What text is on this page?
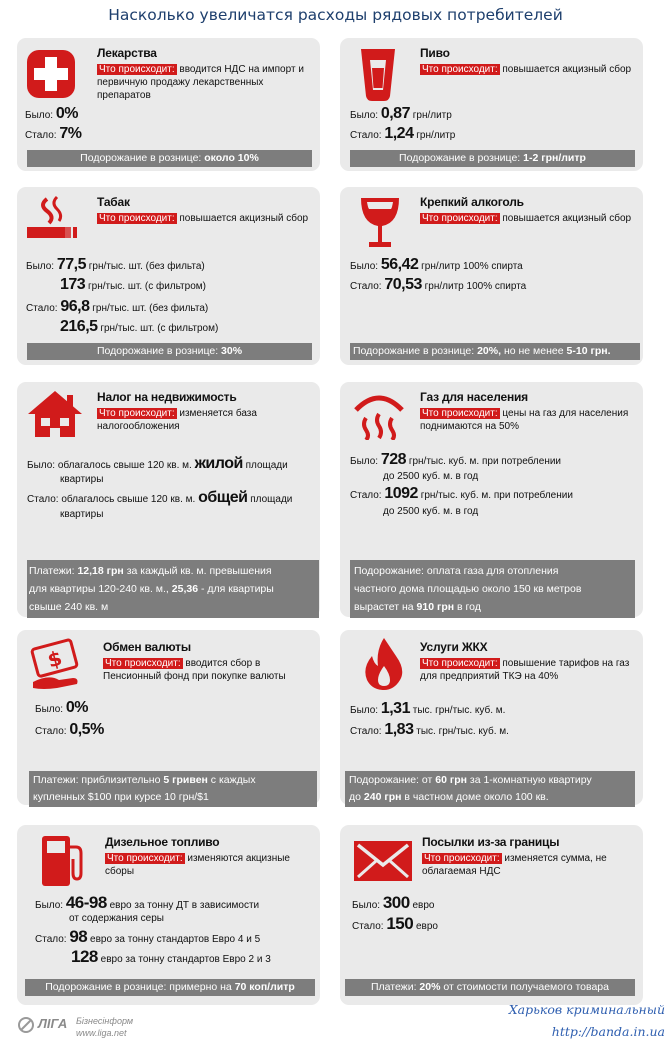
Насколько увеличатся расходы рядовых потребителей
Лекарства
Что происходит: вводится НДС на импорт и первичную продажу лекарственных препаратов
Было: 0%
Стало: 7%
Подорожание в рознице: около 10%
Пиво
Что происходит: повышается акцизный сбор
Было: 0,87 грн/литр
Стало: 1,24 грн/литр
Подорожание в рознице: 1-2 грн/литр
Табак
Что происходит: повышается акцизный сбор
Было: 77,5 грн/тыс. шт. (без фильта)
173 грн/тыс. шт. (с фильтром)
Стало: 96,8 грн/тыс. шт. (без фильта)
216,5 грн/тыс. шт. (с фильтром)
Подорожание в рознице: 30%
Крепкий алкоголь
Что происходит: повышается акцизный сбор
Было: 56,42 грн/литр 100% спирта
Стало: 70,53 грн/литр 100% спирта
Подорожание в рознице: 20%, но не менее 5-10 грн.
Налог на недвижимость
Что происходит: изменяется база налогообложения
Было: облагалось свыше 120 кв. м. жилой площади
квартиры
Стало: облагалось свыше 120 кв. м. общей площади
квартиры
Платежи: 12,18 грн за каждый кв. м. превышения
для квартиры 120-240 кв. м., 25,36 - для квартиры
свыше 240 кв. м
Газ для населения
Что происходит: цены на газ для населения поднимаются на 50%
Было: 728 грн/тыс. куб. м. при потреблении
до 2500 куб. м. в год
Стало: 1092 грн/тыс. куб. м. при потреблении
до 2500 куб. м. в год
Подорожание: оплата газа для отопления
частного дома площадью около 150 кв метров
вырастет на 910 грн в год
$	Обмен валюты
Что происходит: вводится сбор в Пенсионный фонд при покупке валюты
Было: 0%
Стало: 0,5%
Платежи: приблизительно 5 гривен с каждых
купленных $100 при курсе 10 грн/$1
Услуги ЖКХ
Что происходит: повышение тарифов на газ для предприятий ТКЭ на 40%
Было: 1,31 тыс. грн/тыс. куб. м.
Стало: 1,83 тыс. грн/тыс. куб. м.
Подорожание: от 60 грн за 1-комнатную квартиру
до 240 грн в частном доме около 100 кв.
Дизельное топливо
Что происходит: изменяются акцизные сборы
Было: 46-98 евро за тонну ДТ в зависимости
от содержания серы
Стало: 98 евро за тонну стандартов Евро 4 и 5
128 евро за тонну стандартов Евро 2 и 3
Подорожание в рознице: примерно на 70 коп/литр
Посылки из-за границы
Что происходит: изменяется сумма, не облагаемая НДС
Было: 300 евро
Стало: 150 евро
Платежи: 20% от стоимости получаемого товара
ЛІГА Бізнесінформ
www.liga.net
Харьков криминальный
http://banda.in.ua
